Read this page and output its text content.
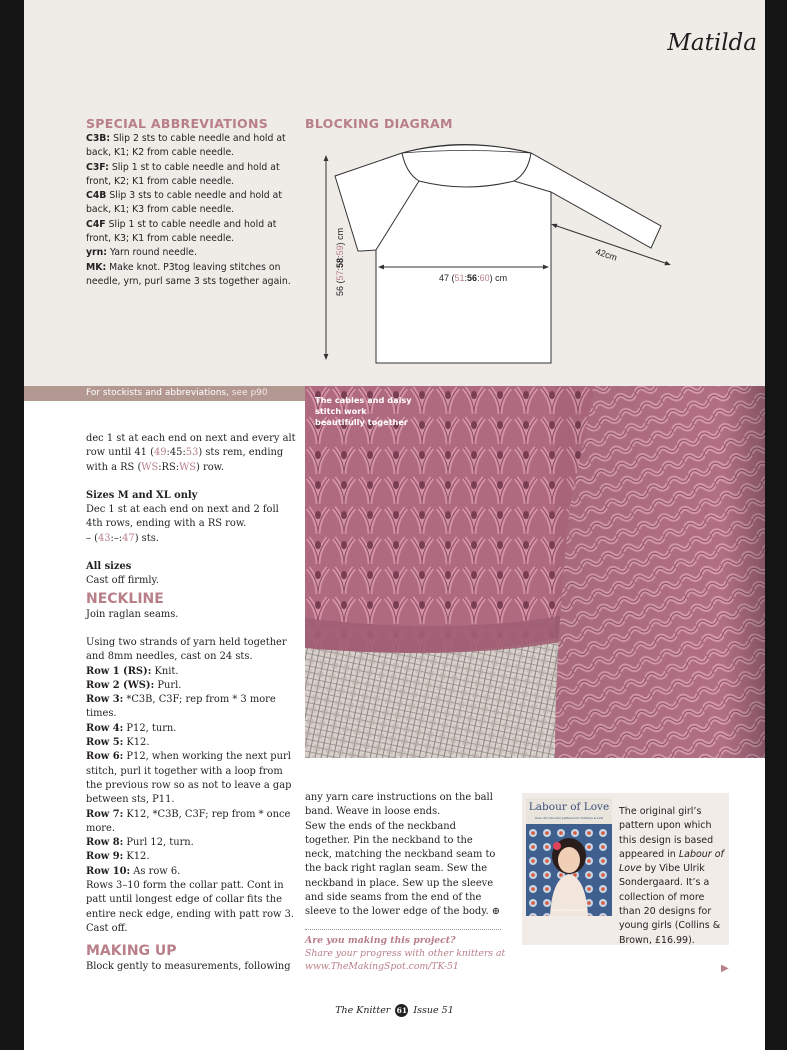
Matilda
SPECIAL ABBREVIATIONS

C3B: Slip 2 sts to cable needle and hold at back, K1; K2 from cable needle.

C3F: Slip 1 st to cable needle and hold at front, K2; K1 from cable needle.

C4B Slip 3 sts to cable needle and hold at back, K1; K3 from cable needle.

C4F Slip 1 st to cable needle and hold at front, K3; K1 from cable needle.

yrn: Yarn round needle.

MK: Make knot. P3tog leaving stitches on needle, yrn, purl same 3 sts together again.

BLOCKING DIAGRAM
56 (57:58:59) cm
47 (51:56:60) cm
42cm
For stockists and abbreviations, see p90
The cables and daisy stitch work beautifully together

dec 1 st at each end on next and every alt row until 41 (49:45:53) sts rem, ending with a RS (WS:RS:WS) row.

Sizes M and XL only

Dec 1 st at each end on next and 2 foll 4th rows, ending with a RS row.

– (43:–:47) sts.

All sizes

Cast off firmly.

NECKLINE

Join raglan seams.

Using two strands of yarn held together and 8mm needles, cast on 24 sts.

Row 1 (RS): Knit.

Row 2 (WS): Purl.

Row 3: *C3B, C3F; rep from * 3 more times.

Row 4: P12, turn.

Row 5: K12.

Row 6: P12, when working the next purl stitch, purl it together with a loop from the previous row so as not to leave a gap between sts, P11.

Row 7: K12, *C3B, C3F; rep from * once more.

Row 8: Purl 12, turn.

Row 9: K12.

Row 10: As row 6.

Rows 3–10 form the collar patt. Cont in patt until longest edge of collar fits the entire neck edge, ending with patt row 3.

Cast off.

MAKING UP

Block gently to measurements, following

any yarn care instructions on the ball band. Weave in loose ends.

Sew the ends of the neckband together. Pin the neckband to the neck, matching the neckband seam to the back right raglan seam. Sew the neckband in place. Sew up the sleeve and side seams from the end of the sleeve to the lower edge of the body. ⊕

Are you making this project?

Share your progress with other knitters at

www.TheMakingSpot.com/TK-51

Labour of Love
Over 20 colourful patterns for toddlers & kids
Vibe Ulrik Sondergaard
The original girl’s pattern upon which this design is based appeared in Labour of Love by Vibe Ulrik Sondergaard. It’s a collection of more than 20 designs for young girls (Collins & Brown, £16.99).
▶
The Knitter 61 Issue 51
